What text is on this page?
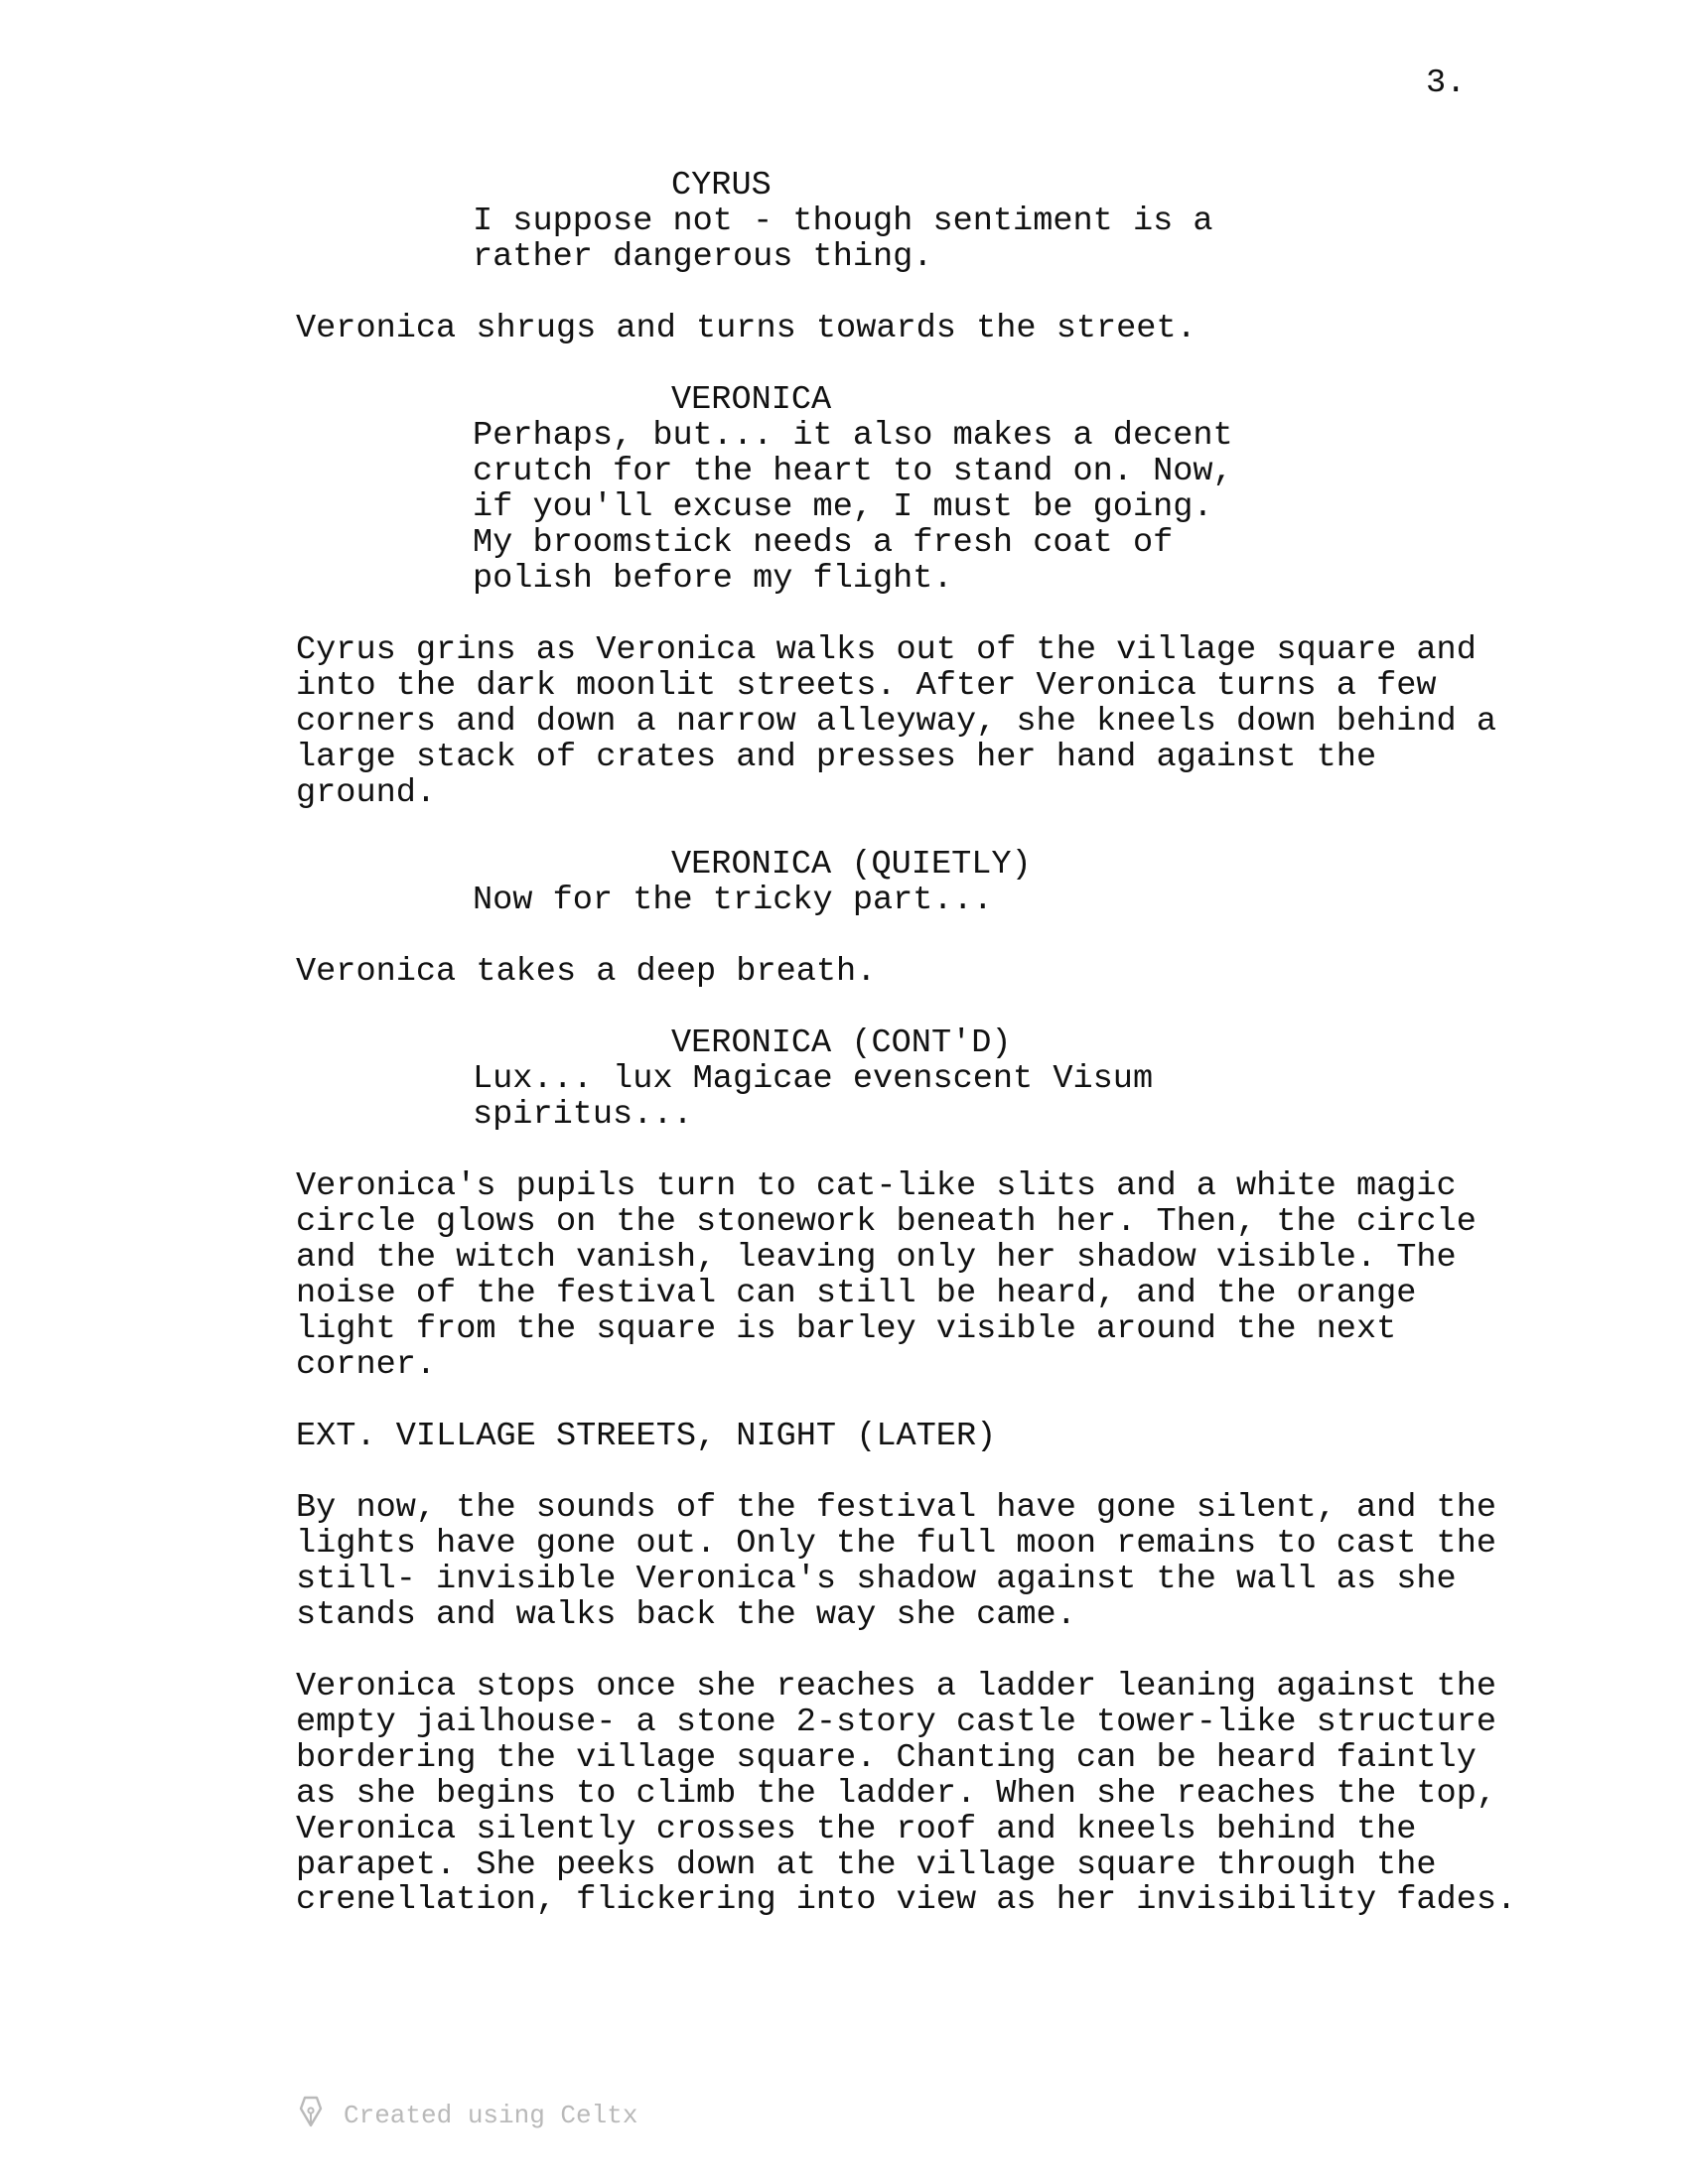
3.
CYRUS
I suppose not - though sentiment is a
rather dangerous thing.
Veronica shrugs and turns towards the street.
VERONICA
Perhaps, but... it also makes a decent
crutch for the heart to stand on. Now,
if you'll excuse me, I must be going.
My broomstick needs a fresh coat of
polish before my flight.
Cyrus grins as Veronica walks out of the village square and
into the dark moonlit streets. After Veronica turns a few
corners and down a narrow alleyway, she kneels down behind a
large stack of crates and presses her hand against the
ground.
VERONICA (QUIETLY)
Now for the tricky part...
Veronica takes a deep breath.
VERONICA (CONT'D)
Lux... lux Magicae evenscent Visum
spiritus...
Veronica's pupils turn to cat-like slits and a white magic
circle glows on the stonework beneath her. Then, the circle
and the witch vanish, leaving only her shadow visible. The
noise of the festival can still be heard, and the orange
light from the square is barley visible around the next
corner.
EXT. VILLAGE STREETS, NIGHT (LATER)
By now, the sounds of the festival have gone silent, and the
lights have gone out. Only the full moon remains to cast the
still- invisible Veronica's shadow against the wall as she
stands and walks back the way she came.
Veronica stops once she reaches a ladder leaning against the
empty jailhouse- a stone 2-story castle tower-like structure
bordering the village square. Chanting can be heard faintly
as she begins to climb the ladder. When she reaches the top,
Veronica silently crosses the roof and kneels behind the
parapet. She peeks down at the village square through the
crenellation, flickering into view as her invisibility fades.
Created using Celtx
